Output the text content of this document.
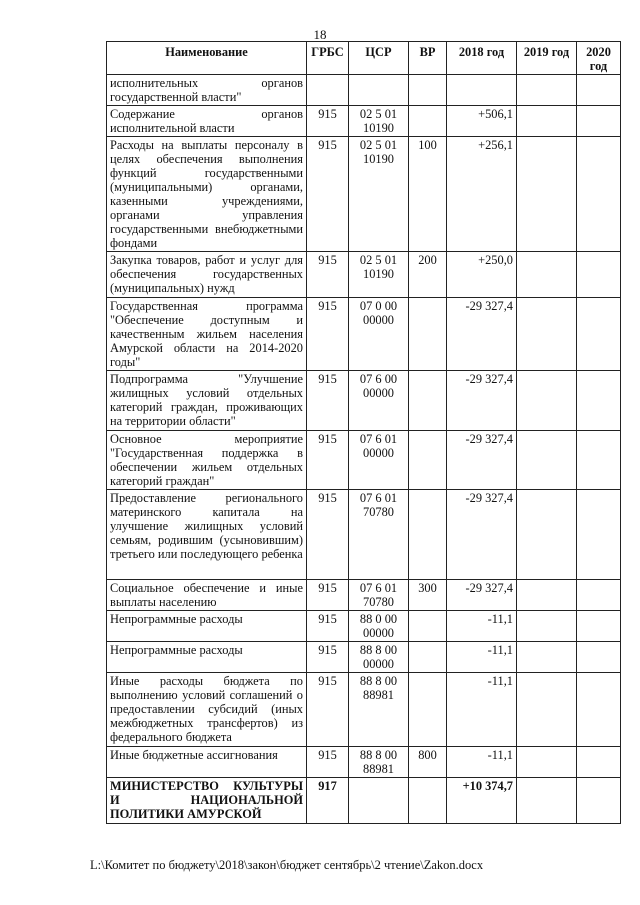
18
Наименование	ГРБС	ЦСР	ВР	2018 год	2019 год	2020 год
исполнительных органов государственной власти"						
Содержание органов исполнительной власти	915	02 5 01 10190		+506,1		
Расходы на выплаты персоналу в целях обеспечения выполнения функций государственными (муниципальными) органами, казенными учреждениями, органами управления государственными внебюджетными фондами	915	02 5 01 10190	100	+256,1		
Закупка товаров, работ и услуг для обеспечения государственных (муниципальных) нужд	915	02 5 01 10190	200	+250,0		
Государственная программа "Обеспечение доступным и качественным жильем населения Амурской области на 2014-2020 годы"	915	07 0 00 00000		-29 327,4		
Подпрограмма "Улучшение жилищных условий отдельных категорий граждан, проживающих на территории области"	915	07 6 00 00000		-29 327,4		
Основное мероприятие "Государственная поддержка в обеспечении жильем отдельных категорий граждан"	915	07 6 01 00000		-29 327,4		
Предоставление регионального материнского капитала на улучшение жилищных условий семьям, родившим (усыновившим) третьего или последующего ребенка	915	07 6 01 70780		-29 327,4		
Социальное обеспечение и иные выплаты населению	915	07 6 01 70780	300	-29 327,4		
Непрограммные расходы	915	88 0 00 00000		-11,1		
Непрограммные расходы	915	88 8 00 00000		-11,1		
Иные расходы бюджета по выполнению условий соглашений о предоставлении субсидий (иных межбюджетных трансфертов) из федерального бюджета	915	88 8 00 88981		-11,1		
Иные бюджетные ассигнования	915	88 8 00 88981	800	-11,1		
МИНИСТЕРСТВО КУЛЬТУРЫ И НАЦИОНАЛЬНОЙ ПОЛИТИКИ АМУРСКОЙ	917			+10 374,7		
L:\Комитет по бюджету\2018\закон\бюджет сентябрь\2 чтение\Zakon.docx
